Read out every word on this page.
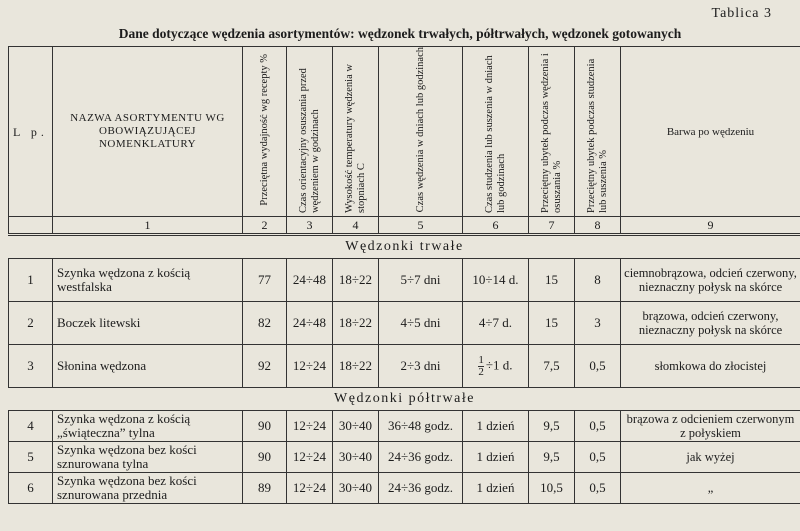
Tablica 3
Dane dotyczące wędzenia asortymentów: wędzonek trwałych, półtrwałych, wędzonek gotowanych
L p.	NAZWA ASORTYMENTU WG OBOWIĄZUJĄCEJ NOMENKLATURY	Przeciętna wydajność wg recepty %	Czas orientacyjny osuszania przed wędzeniem w godzinach	Wysokość temperatury wędzenia w stopniach C	Czas wędzenia w dniach lub godzinach	Czas studzenia lub suszenia w dniach lub godzinach	Przeciętny ubytek podczas wędzenia i osuszania %	Przeciętny ubytek podczas studzenia lub suszenia %	Barwa po wędzeniu
	1	2	3	4	5	6	7	8	9
Wędzonki trwałe									
1	Szynka wędzona z kością westfalska	77	24÷48	18÷22	5÷7 dni	10÷14 d.	15	8	ciemnobrązowa, odcień czerwony, nieznaczny połysk na skórce
2	Boczek litewski	82	24÷48	18÷22	4÷5 dni	4÷7 d.	15	3	brązowa, odcień czerwony, nieznaczny połysk na skórce
3	Słonina wędzona	92	12÷24	18÷22	2÷3 dni	$\frac{1}{2} \div 1$ d.	7,5	0,5	słomkowa do złocistej
Wędzonki półtrwałe									
4	Szynka wędzona z kością „świąteczna” tylna	90	12÷24	30÷40	36÷48 godz.	1 dzień	9,5	0,5	brązowa z odcieniem czerwonym z połyskiem
5	Szynka wędzona bez kości sznurowana tylna	90	12÷24	30÷40	24÷36 godz.	1 dzień	9,5	0,5	jak wyżej
6	Szynka wędzona bez kości sznurowana przednia	89	12÷24	30÷40	24÷36 godz.	1 dzień	10,5	0,5	„
